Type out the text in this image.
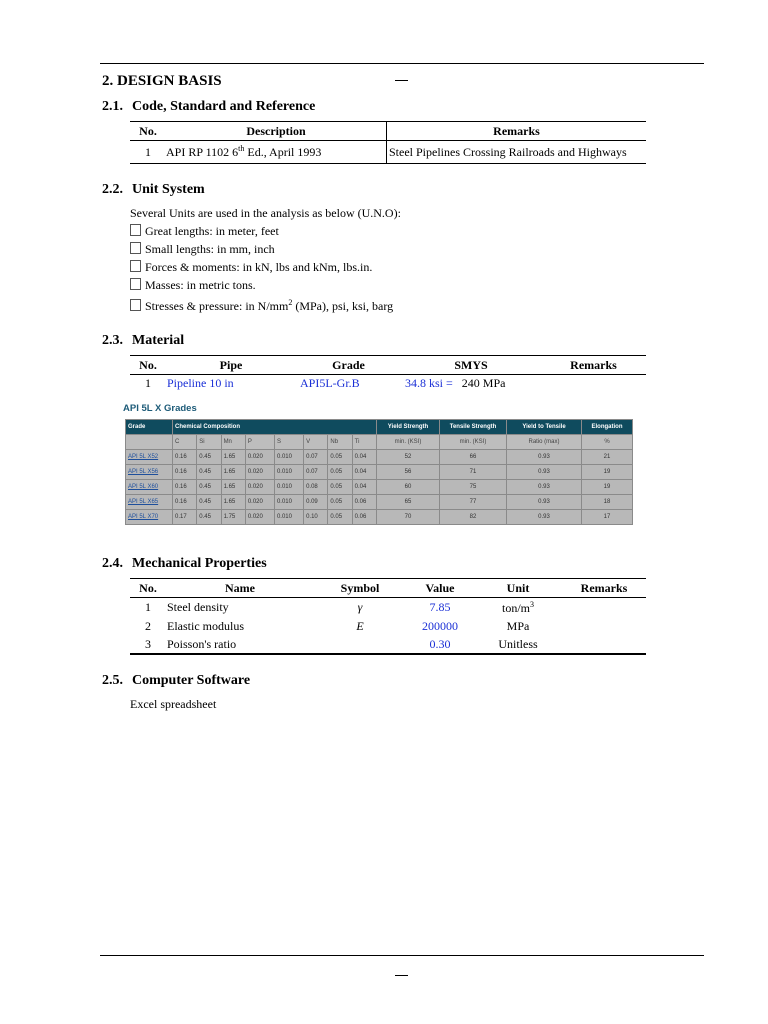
2. DESIGN BASIS
2.1. Code, Standard and Reference
No.	Description	Remarks
1	API RP 1102 6th Ed., April 1993	Steel Pipelines Crossing Railroads and Highways
2.2. Unit System
Several Units are used in the analysis as below (U.N.O):
Great lengths: in meter, feet
Small lengths: in mm, inch
Forces & moments: in kN, lbs and kNm, lbs.in.
Masses: in metric tons.
Stresses & pressure: in $N/mm^2$ (MPa), psi, ksi, barg
2.3. Material
No.	Pipe	Grade	SMYS	Remarks
1	Pipeline 10 in	API5L-Gr.B	34.8 ksi = 240 MPa	
API 5L X Grades
Grade	Chemical Composition								Yield Strength	Tensile Strength	Yield to Tensile	Elongation
	C	Si	Mn	P	S	V	Nb	Ti	min. (KSI)	min. (KSI)	Ratio (max)	%
API 5L X52	0.16	0.45	1.65	0.020	0.010	0.07	0.05	0.04	52	66	0.93	21
API 5L X56	0.16	0.45	1.65	0.020	0.010	0.07	0.05	0.04	56	71	0.93	19
API 5L X60	0.16	0.45	1.65	0.020	0.010	0.08	0.05	0.04	60	75	0.93	19
API 5L X65	0.16	0.45	1.65	0.020	0.010	0.09	0.05	0.06	65	77	0.93	18
API 5L X70	0.17	0.45	1.75	0.020	0.010	0.10	0.05	0.06	70	82	0.93	17
2.4. Mechanical Properties
No.	Name	Symbol	Value	Unit	Remarks
1	Steel density	γ	7.85	ton/$m^3$	
2	Elastic modulus	E	200000	MPa	
3	Poisson's ratio		0.30	Unitless	
2.5. Computer Software
Excel spreadsheet
